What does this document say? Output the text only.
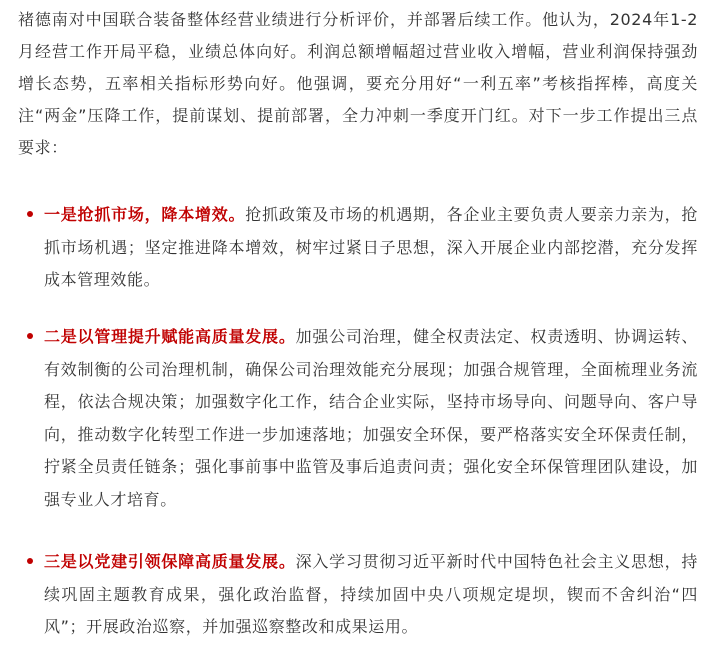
褚德南对中国联合装备整体经营业绩进行分析评价，并部署后续工作。他认为，2024年1-2月经营工作开局平稳，业绩总体向好。利润总额增幅超过营业收入增幅，营业利润保持强劲增长态势，五率相关指标形势向好。他强调，要充分用好“一利五率”考核指挥棒，高度关注“两金”压降工作，提前谋划、提前部署，全力冲刺一季度开门红。对下一步工作提出三点要求：

一是抢抓市场，降本增效。抢抓政策及市场的机遇期，各企业主要负责人要亲力亲为，抢抓市场机遇；坚定推进降本增效，树牢过紧日子思想，深入开展企业内部挖潜，充分发挥成本管理效能。
二是以管理提升赋能高质量发展。加强公司治理，健全权责法定、权责透明、协调运转、有效制衡的公司治理机制，确保公司治理效能充分展现；加强合规管理，全面梳理业务流程，依法合规决策；加强数字化工作，结合企业实际，坚持市场导向、问题导向、客户导向，推动数字化转型工作进一步加速落地；加强安全环保，要严格落实安全环保责任制，拧紧全员责任链条；强化事前事中监管及事后追责问责；强化安全环保管理团队建设，加强专业人才培育。
三是以党建引领保障高质量发展。深入学习贯彻习近平新时代中国特色社会主义思想，持续巩固主题教育成果，强化政治监督，持续加固中央八项规定堤坝，锲而不舍纠治“四风”；开展政治巡察，并加强巡察整改和成果运用。
